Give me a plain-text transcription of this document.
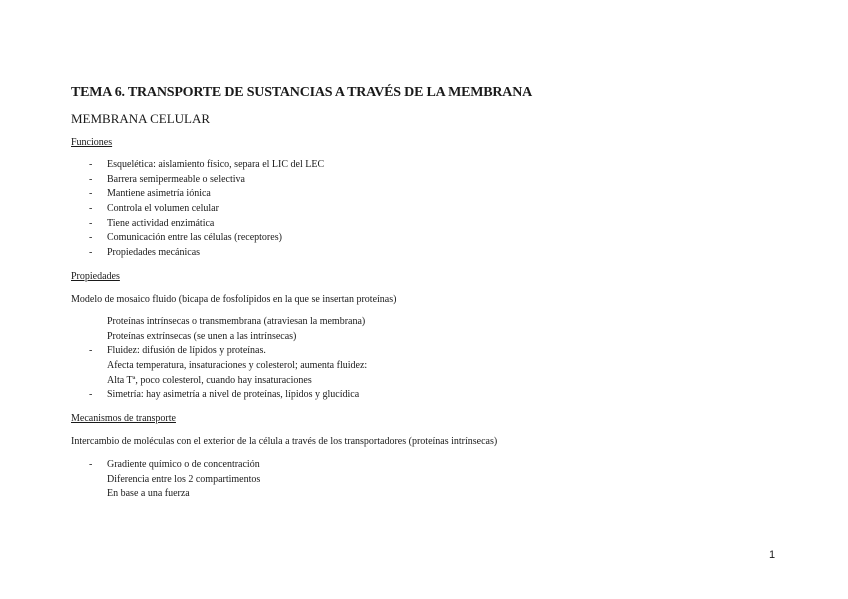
TEMA 6. TRANSPORTE DE SUSTANCIAS A TRAVÉS DE LA MEMBRANA
MEMBRANA CELULAR
Funciones
- Esquelética: aislamiento físico, separa el LIC del LEC
- Barrera semipermeable o selectiva
- Mantiene asimetría iónica
- Controla el volumen celular
- Tiene actividad enzimática
- Comunicación entre las células (receptores)
- Propiedades mecánicas
Propiedades
Modelo de mosaico fluido (bicapa de fosfolípidos en la que se insertan proteínas)
Proteínas intrínsecas o transmembrana (atraviesan la membrana)
Proteínas extrínsecas (se unen a las intrínsecas)
- Fluidez: difusión de lípidos y proteínas.
Afecta temperatura, insaturaciones y colesterol; aumenta fluidez:
Alta Tª, poco colesterol, cuando hay insaturaciones
- Simetría: hay asimetría a nivel de proteínas, lípidos y glucídica
Mecanismos de transporte
Intercambio de moléculas con el exterior de la célula a través de los transportadores (proteínas intrínsecas)
- Gradiente químico o de concentración
Diferencia entre los 2 compartimentos
En base a una fuerza
1
